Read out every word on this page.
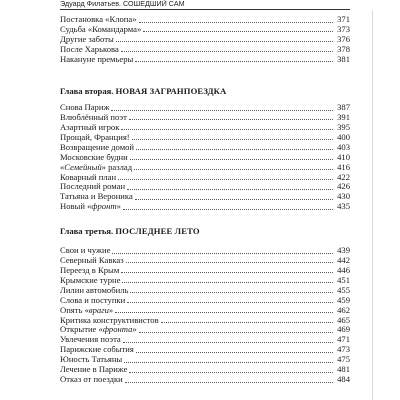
Эдуард Филатьев. СОШЕДШИЙ САМ
Постановка «Клопа»	371
Судьба «Командарма»	373
Другие заботы	376
После Харькова	378
Накануне премьеры	381
Глава вторая. НОВАЯ ЗАГРАНПОЕЗДКА
Снова Париж	387
Влюблённый поэт	391
Азартный игрок	395
Прощай, Франция!	400
Возвращение домой	403
Московские будни	410
«Семейный» разлад	416
Коварный план	422
Последний роман	426
Татьяна и Вероника	430
Новый «фронт»	435
Глава третья. ПОСЛЕДНЕЕ ЛЕТО
Свои и чужие	439
Северный Кавказ	442
Переезд в Крым	446
Крымские турне	451
Лилин автомобиль	455
Слова и поступки	459
Опять «враги»	462
Критика конструктивистов	465
Открытие «фронта»	469
Увлечения поэта	471
Парижские события	473
Юность Татьяны	475
Лечение в Париже	481
Отказ от поездки	484
